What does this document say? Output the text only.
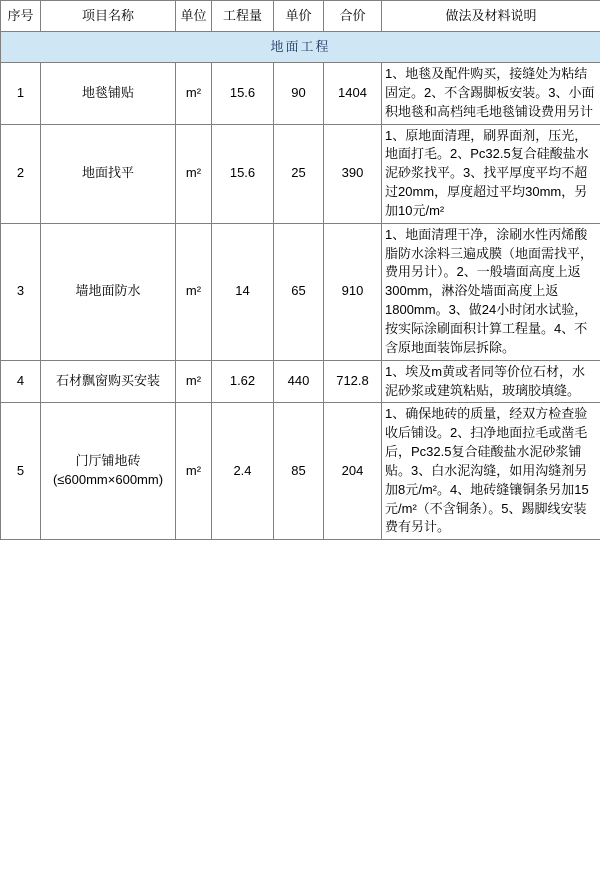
序号	项目名称	单位	工程量	单价	合价	做法及材料说明
地面工程						
1	地毯铺贴	m²	15.6	90	1404	1、地毯及配件购买，接缝处为粘结固定。2、不含踢脚板安装。3、小面积地毯和高档纯毛地毯铺设费用另计
2	地面找平	m²	15.6	25	390	1、原地面清理，刷界面剂，压光，地面打毛。2、Pc32.5复合硅酸盐水泥砂浆找平。3、找平厚度平均不超过20mm，厚度超过平均30mm，另加10元/m²
3	墙地面防水	m²	14	65	910	1、地面清理干净，涂刷水性丙烯酸脂防水涂料三遍成膜（地面需找平，费用另计）。2、一般墙面高度上返300mm，淋浴处墙面高度上返1800mm。3、做24小时闭水试验，按实际涂刷面积计算工程量。4、不含原地面装饰层拆除。
4	石材飘窗购买安装	m²	1.62	440	712.8	1、埃及m黄或者同等价位石材，水泥砂浆或建筑粘贴，玻璃胶填缝。
5	门厅铺地砖(≤600mm×600mm)	m²	2.4	85	204	1、确保地砖的质量，经双方检查验收后铺设。2、扫净地面拉毛或凿毛后，Pc32.5复合硅酸盐水泥砂浆铺贴。3、白水泥沟缝，如用沟缝剂另加8元/m²。4、地砖缝镶铜条另加15元/m²（不含铜条）。5、踢脚线安装费有另计。
